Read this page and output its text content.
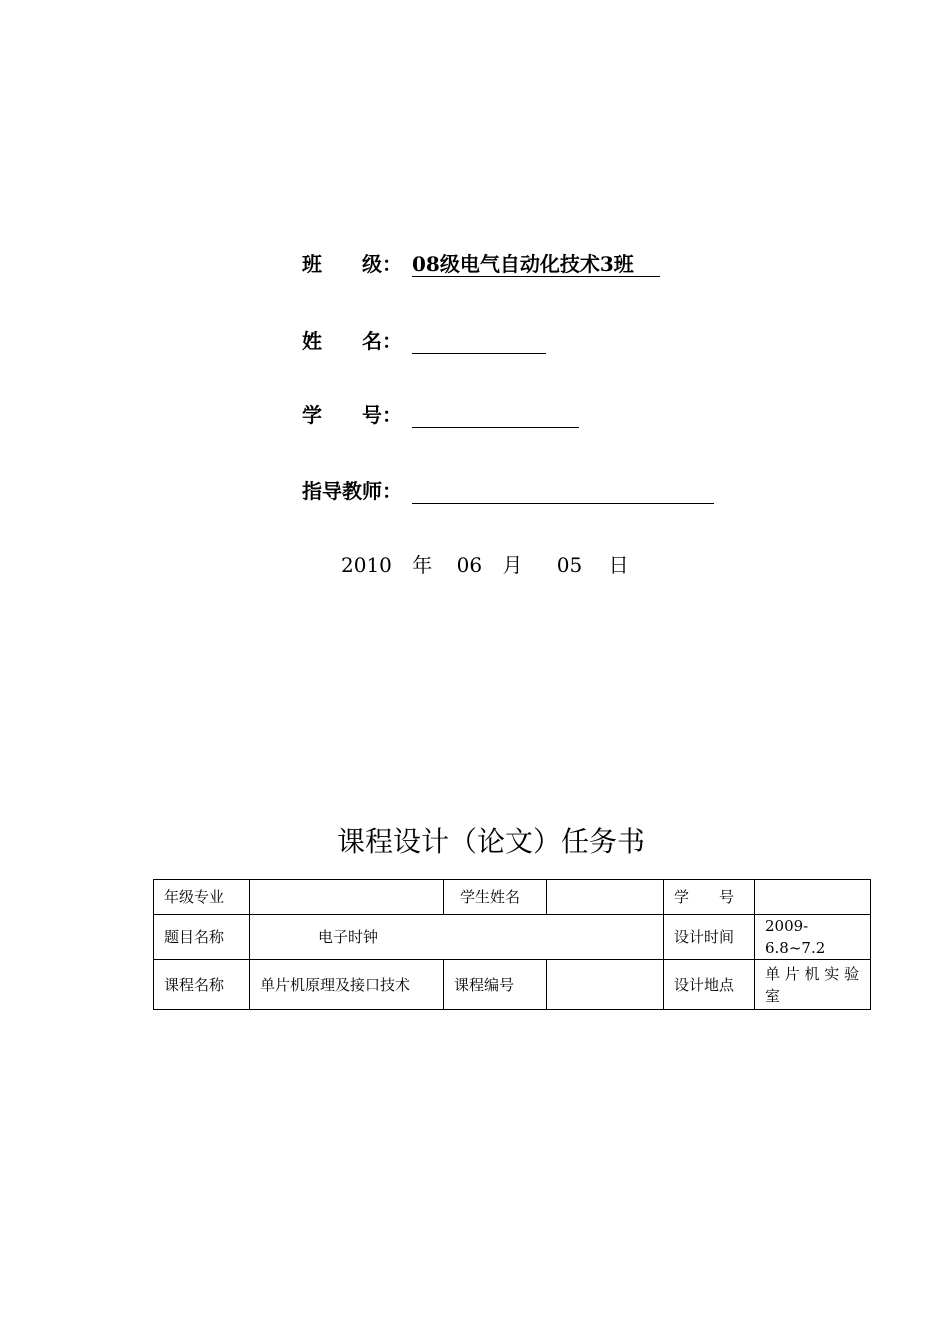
班　　级： 08级电气自动化技术3班
姓　　名：
学　　号：
指导教师：
2010 年 06 月 05 日
课程设计（论文）任务书
年级专业		学生姓名		学　　号	
题目名称	电子时钟			设计时间	2009-6.8~7.2
课程名称	单片机原理及接口技术	课程编号		设计地点	单 片 机 实 验 室
